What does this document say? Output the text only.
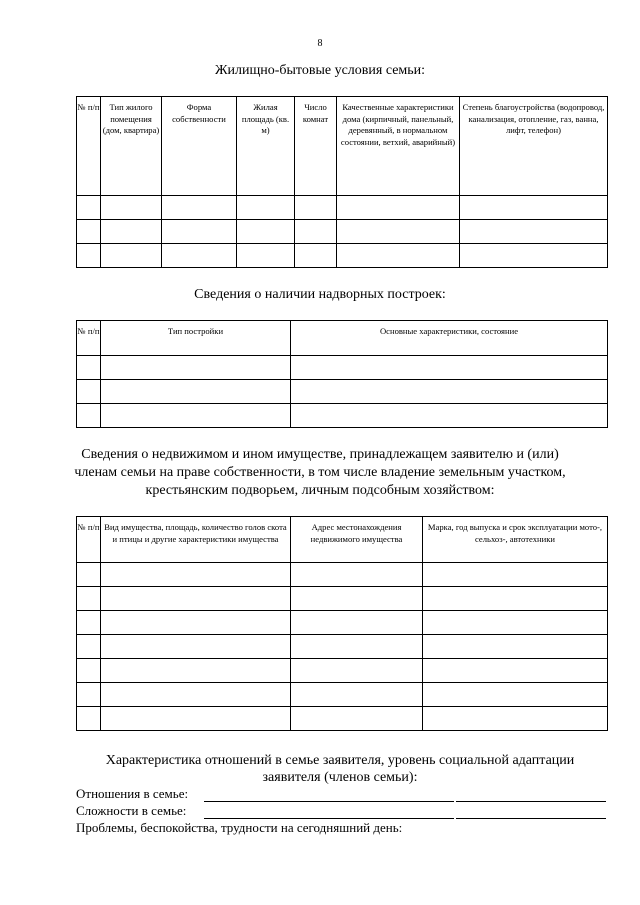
8
Жилищно-бытовые условия семьи:
№ п/п	Тип жилого помещения (дом, квартира)	Форма собственности	Жилая площадь (кв. м)	Число комнат	Качественные характеристики дома (кирпичный, панельный, деревянный, в нормальном состоянии, ветхий, аварийный)	Степень благоустройства (водопровод, канализация, отопление, газ, ванна, лифт, телефон)

Сведения о наличии надворных построек:
№ п/п	Тип постройки	Основные характеристики, состояние

Сведения о недвижимом и ином имуществе, принадлежащем заявителю и (или)
членам семьи на праве собственности, в том числе владение земельным участком,
крестьянским подворьем, личным подсобным хозяйством:
№ п/п	Вид имущества, площадь, количество голов скота и птицы и другие характеристики имущества	Адрес местонахождения недвижимого имущества	Марка, год выпуска и срок эксплуатации мото-, сельхоз-, автотехники

Характеристика отношений в семье заявителя, уровень социальной адаптации
заявителя (членов семьи):
Отношения в семье:
Сложности в семье:
Проблемы, беспокойства, трудности на сегодняшний день:
